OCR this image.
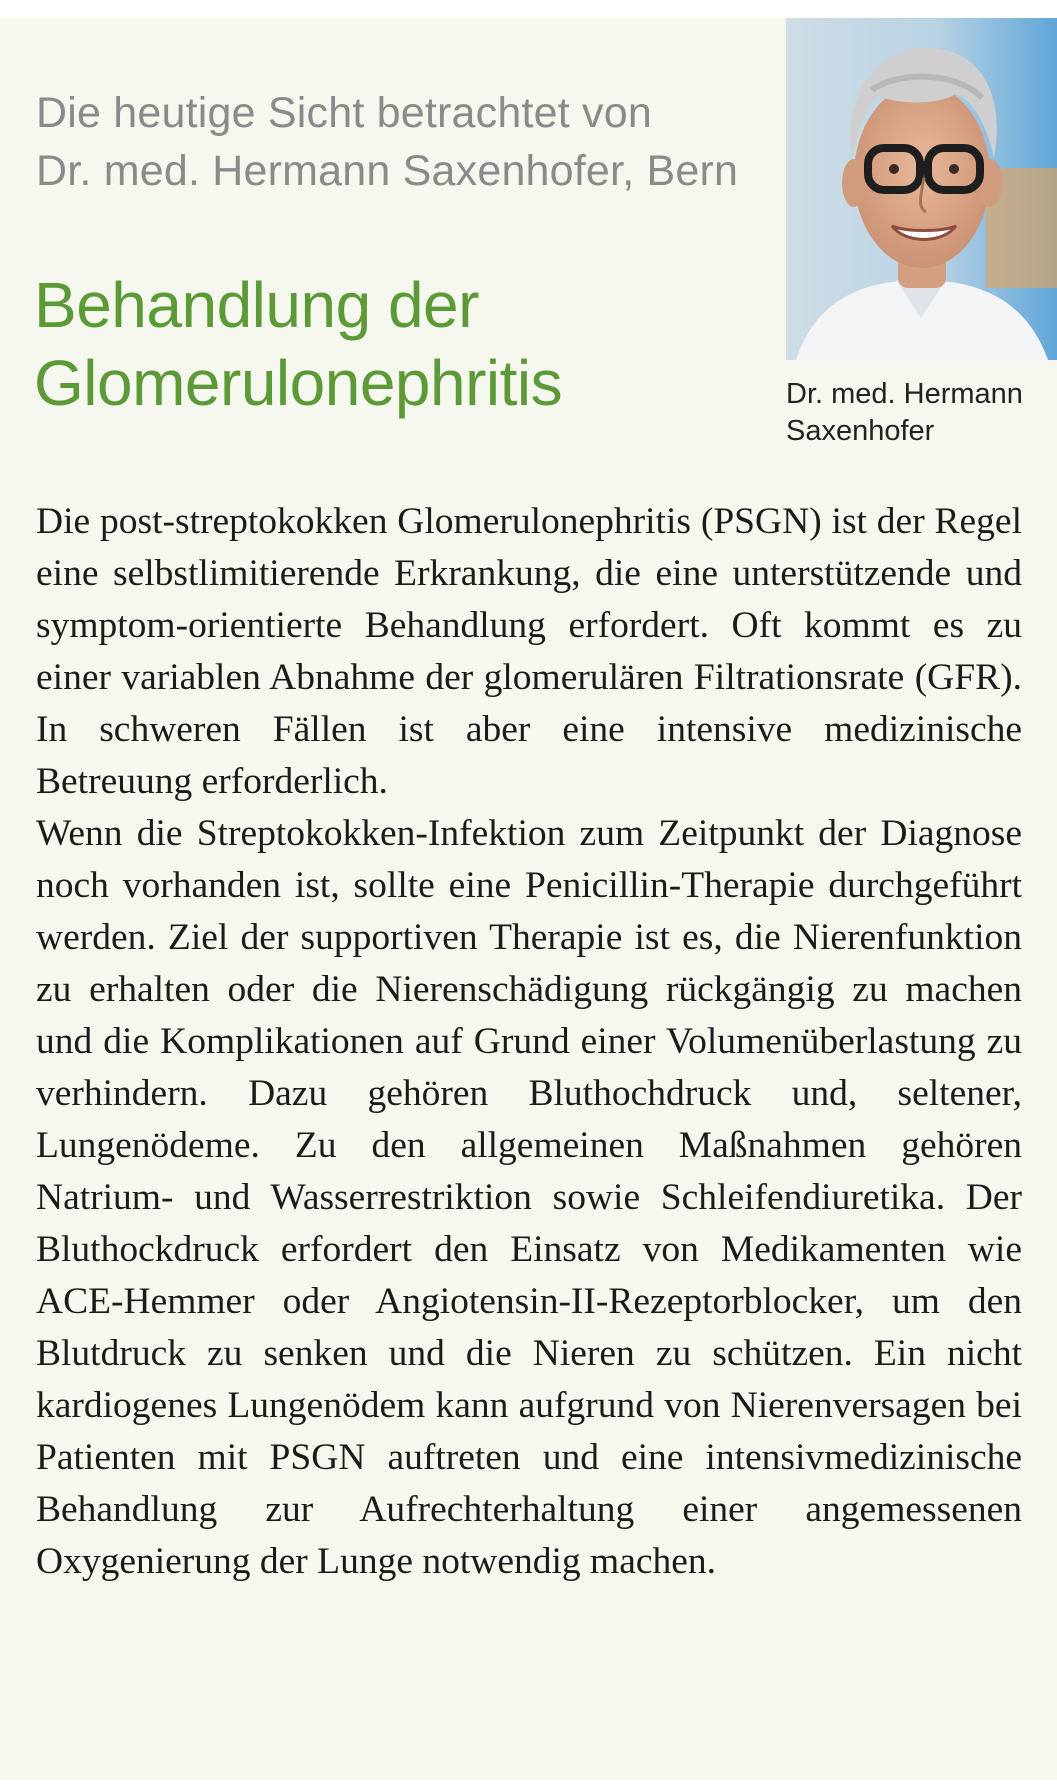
Die heutige Sicht betrachtet von
Dr. med. Hermann Saxenhofer, Bern
Behandlung der
Glomerulonephritis	Dr. med. Hermann
Saxenhofer

Die post-streptokokken Glomerulonephritis (PSGN) ist der Regel eine selbstlimitierende Erkrankung, die eine unterstützende und symptom-orientierte Behandlung erfordert. Oft kommt es zu einer variablen Abnahme der glomerulären Filtrationsrate (GFR). In schweren Fällen ist aber eine intensive medizinische Betreuung erforderlich.

Wenn die Streptokokken-Infektion zum Zeitpunkt der Diagnose noch vorhanden ist, sollte eine Penicillin-Therapie durchgeführt werden. Ziel der supportiven Therapie ist es, die Nierenfunktion zu erhalten oder die Nierenschädigung rückgängig zu machen und die Komplikationen auf Grund einer Volumenüberlastung zu verhindern. Dazu gehören Bluthochdruck und, seltener, Lungenödeme. Zu den allgemeinen Maßnahmen gehören Natrium- und Wasserrestriktion sowie Schleifendiuretika. Der Bluthockdruck erfordert den Einsatz von Medikamenten wie ACE-Hemmer oder Angiotensin-II-Rezeptorblocker, um den Blutdruck zu senken und die Nieren zu schützen. Ein nicht kardiogenes Lungenödem kann aufgrund von Nierenversagen bei Patienten mit PSGN auftreten und eine intensivmedizinische Behandlung zur Aufrechterhaltung einer angemessenen Oxygenierung der Lunge notwendig machen.
